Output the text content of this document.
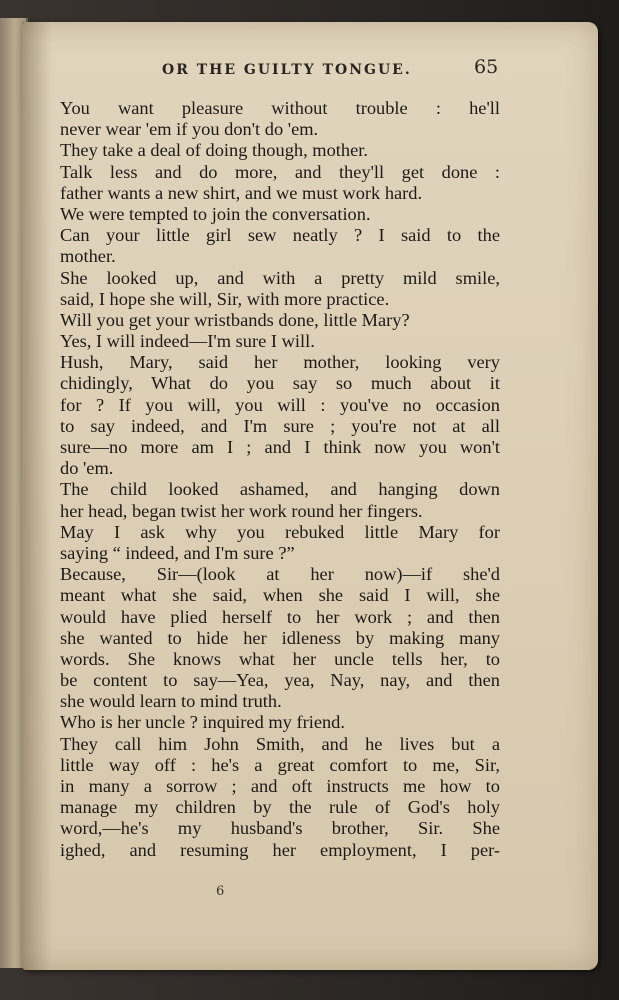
OR THE GUILTY TONGUE.	65
You want pleasure without trouble : he'll
never wear 'em if you don't do 'em.
They take a deal of doing though, mother.
Talk less and do more, and they'll get done :
father wants a new shirt, and we must work hard.
We were tempted to join the conversation.
Can your little girl sew neatly ? I said to the
mother.
She looked up, and with a pretty mild smile,
said, I hope she will, Sir, with more practice.
Will you get your wristbands done, little Mary?
Yes, I will indeed—I'm sure I will.
Hush, Mary, said her mother, looking very
chidingly, What do you say so much about it
for ? If you will, you will : you've no occasion
to say indeed, and I'm sure ; you're not at all
sure—no more am I ; and I think now you won't
do 'em.
The child looked ashamed, and hanging down
her head, began twist her work round her fingers.
May I ask why you rebuked little Mary for
saying “ indeed, and I'm sure ?”
Because, Sir—(look at her now)—if she'd
meant what she said, when she said I will, she
would have plied herself to her work ; and then
she wanted to hide her idleness by making many
words. She knows what her uncle tells her, to
be content to say—Yea, yea, Nay, nay, and then
she would learn to mind truth.
Who is her uncle ? inquired my friend.
They call him John Smith, and he lives but a
little way off : he's a great comfort to me, Sir,
in many a sorrow ; and oft instructs me how to
manage my children by the rule of God's holy
word,—he's my husband's brother, Sir. She
ighed, and resuming her employment, I per-
6
